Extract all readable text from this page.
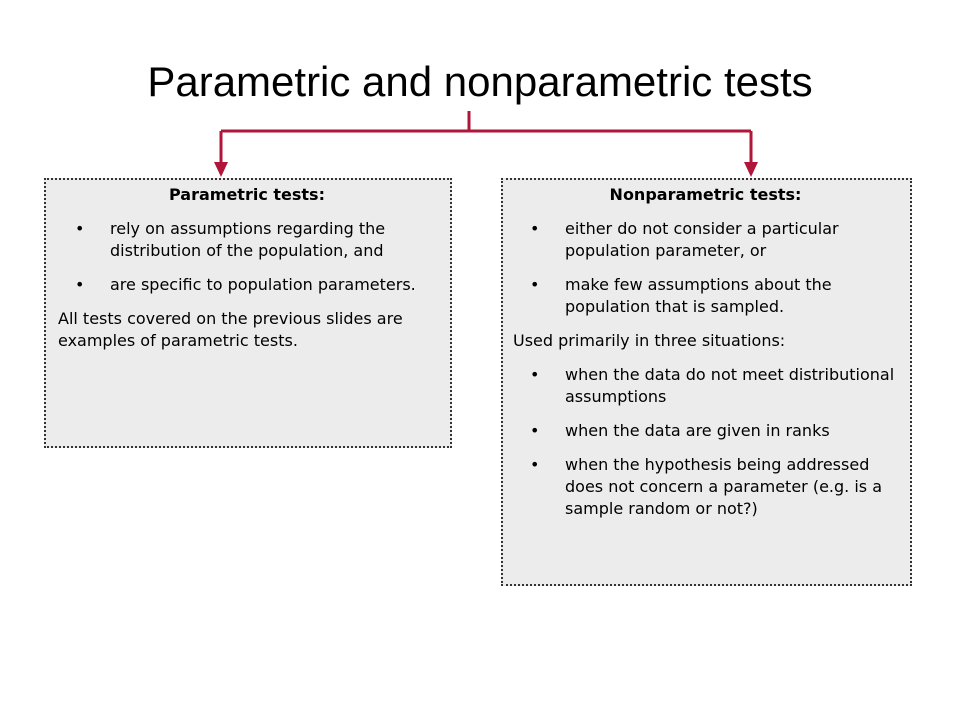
Parametric and nonparametric tests
Parametric tests:
• rely on assumptions regarding the distribution of the population, and
• are specific to population parameters.

All tests covered on the previous slides are examples of parametric tests.

Nonparametric tests:
• either do not consider a particular population parameter, or
• make few assumptions about the population that is sampled.

Used primarily in three situations:

• when the data do not meet distributional assumptions
• when the data are given in ranks
• when the hypothesis being addressed does not concern a parameter (e.g. is a sample random or not?)
